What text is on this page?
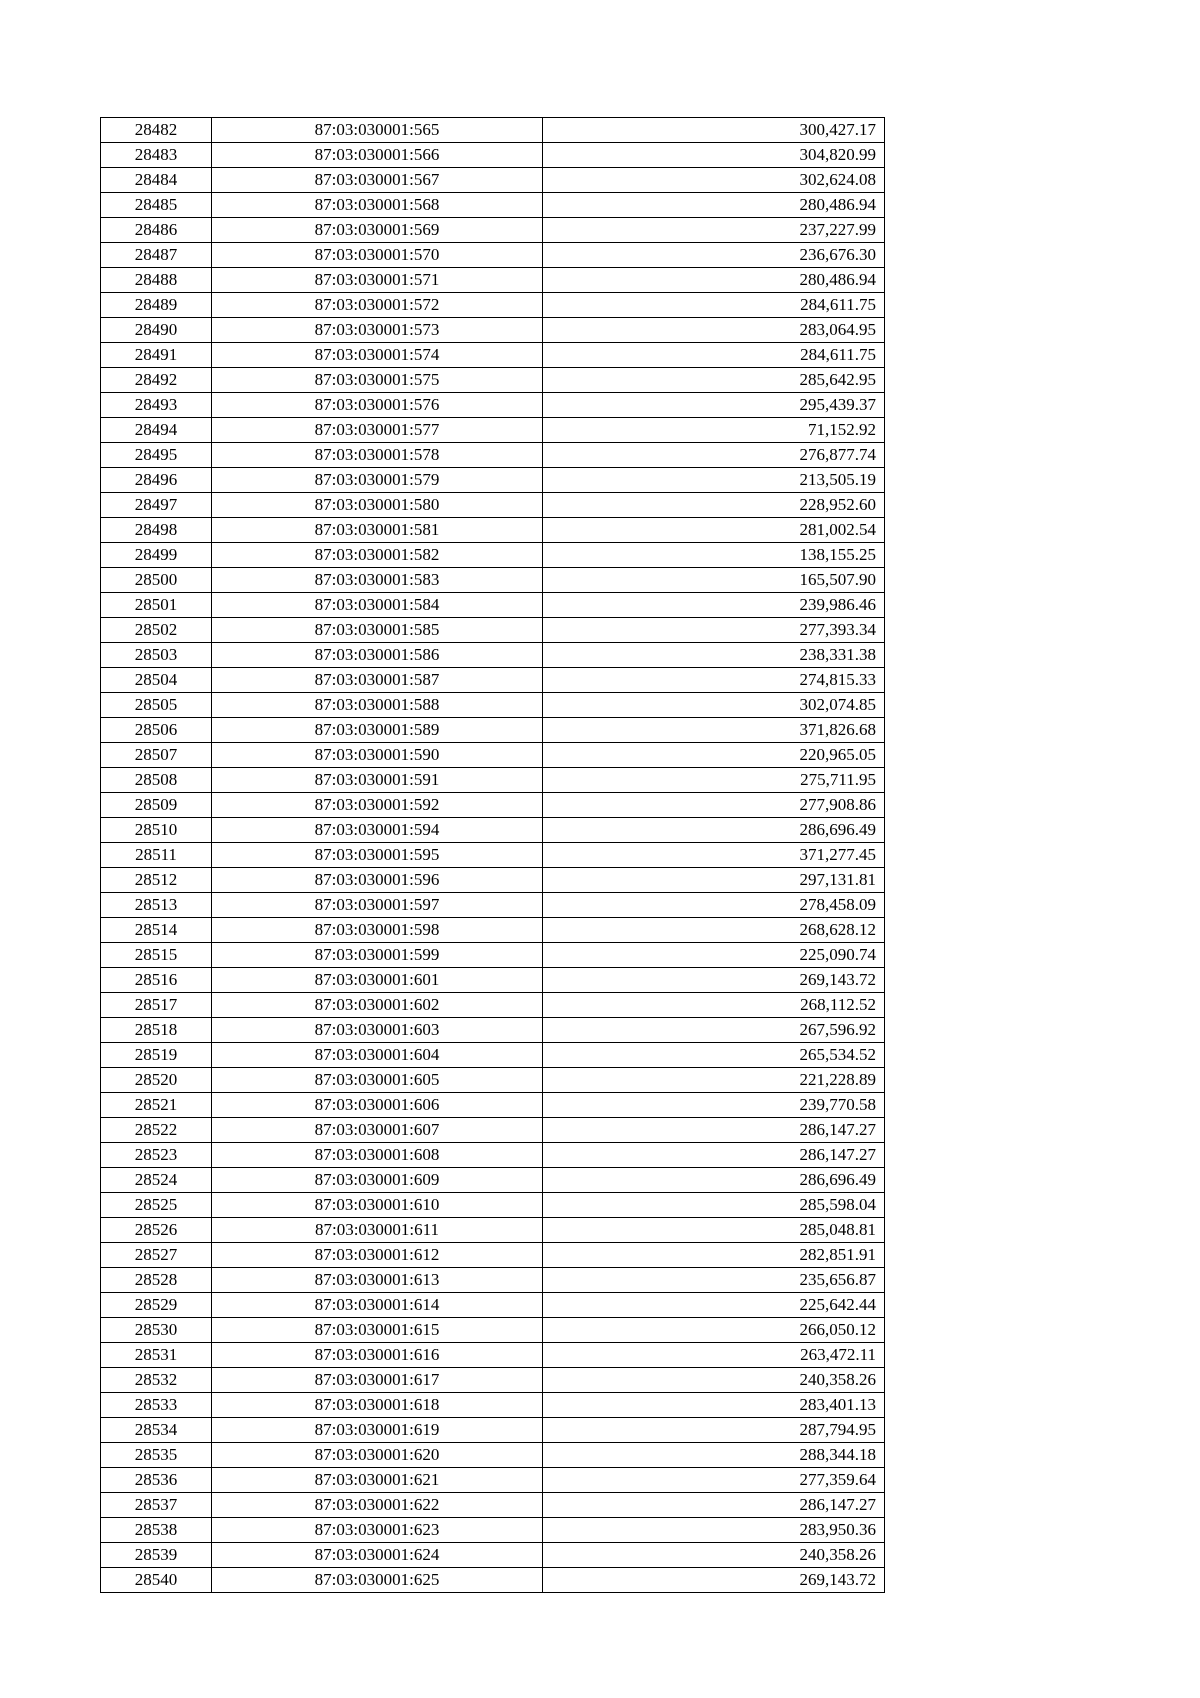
28482	87:03:030001:565	300,427.17
28483	87:03:030001:566	304,820.99
28484	87:03:030001:567	302,624.08
28485	87:03:030001:568	280,486.94
28486	87:03:030001:569	237,227.99
28487	87:03:030001:570	236,676.30
28488	87:03:030001:571	280,486.94
28489	87:03:030001:572	284,611.75
28490	87:03:030001:573	283,064.95
28491	87:03:030001:574	284,611.75
28492	87:03:030001:575	285,642.95
28493	87:03:030001:576	295,439.37
28494	87:03:030001:577	71,152.92
28495	87:03:030001:578	276,877.74
28496	87:03:030001:579	213,505.19
28497	87:03:030001:580	228,952.60
28498	87:03:030001:581	281,002.54
28499	87:03:030001:582	138,155.25
28500	87:03:030001:583	165,507.90
28501	87:03:030001:584	239,986.46
28502	87:03:030001:585	277,393.34
28503	87:03:030001:586	238,331.38
28504	87:03:030001:587	274,815.33
28505	87:03:030001:588	302,074.85
28506	87:03:030001:589	371,826.68
28507	87:03:030001:590	220,965.05
28508	87:03:030001:591	275,711.95
28509	87:03:030001:592	277,908.86
28510	87:03:030001:594	286,696.49
28511	87:03:030001:595	371,277.45
28512	87:03:030001:596	297,131.81
28513	87:03:030001:597	278,458.09
28514	87:03:030001:598	268,628.12
28515	87:03:030001:599	225,090.74
28516	87:03:030001:601	269,143.72
28517	87:03:030001:602	268,112.52
28518	87:03:030001:603	267,596.92
28519	87:03:030001:604	265,534.52
28520	87:03:030001:605	221,228.89
28521	87:03:030001:606	239,770.58
28522	87:03:030001:607	286,147.27
28523	87:03:030001:608	286,147.27
28524	87:03:030001:609	286,696.49
28525	87:03:030001:610	285,598.04
28526	87:03:030001:611	285,048.81
28527	87:03:030001:612	282,851.91
28528	87:03:030001:613	235,656.87
28529	87:03:030001:614	225,642.44
28530	87:03:030001:615	266,050.12
28531	87:03:030001:616	263,472.11
28532	87:03:030001:617	240,358.26
28533	87:03:030001:618	283,401.13
28534	87:03:030001:619	287,794.95
28535	87:03:030001:620	288,344.18
28536	87:03:030001:621	277,359.64
28537	87:03:030001:622	286,147.27
28538	87:03:030001:623	283,950.36
28539	87:03:030001:624	240,358.26
28540	87:03:030001:625	269,143.72
